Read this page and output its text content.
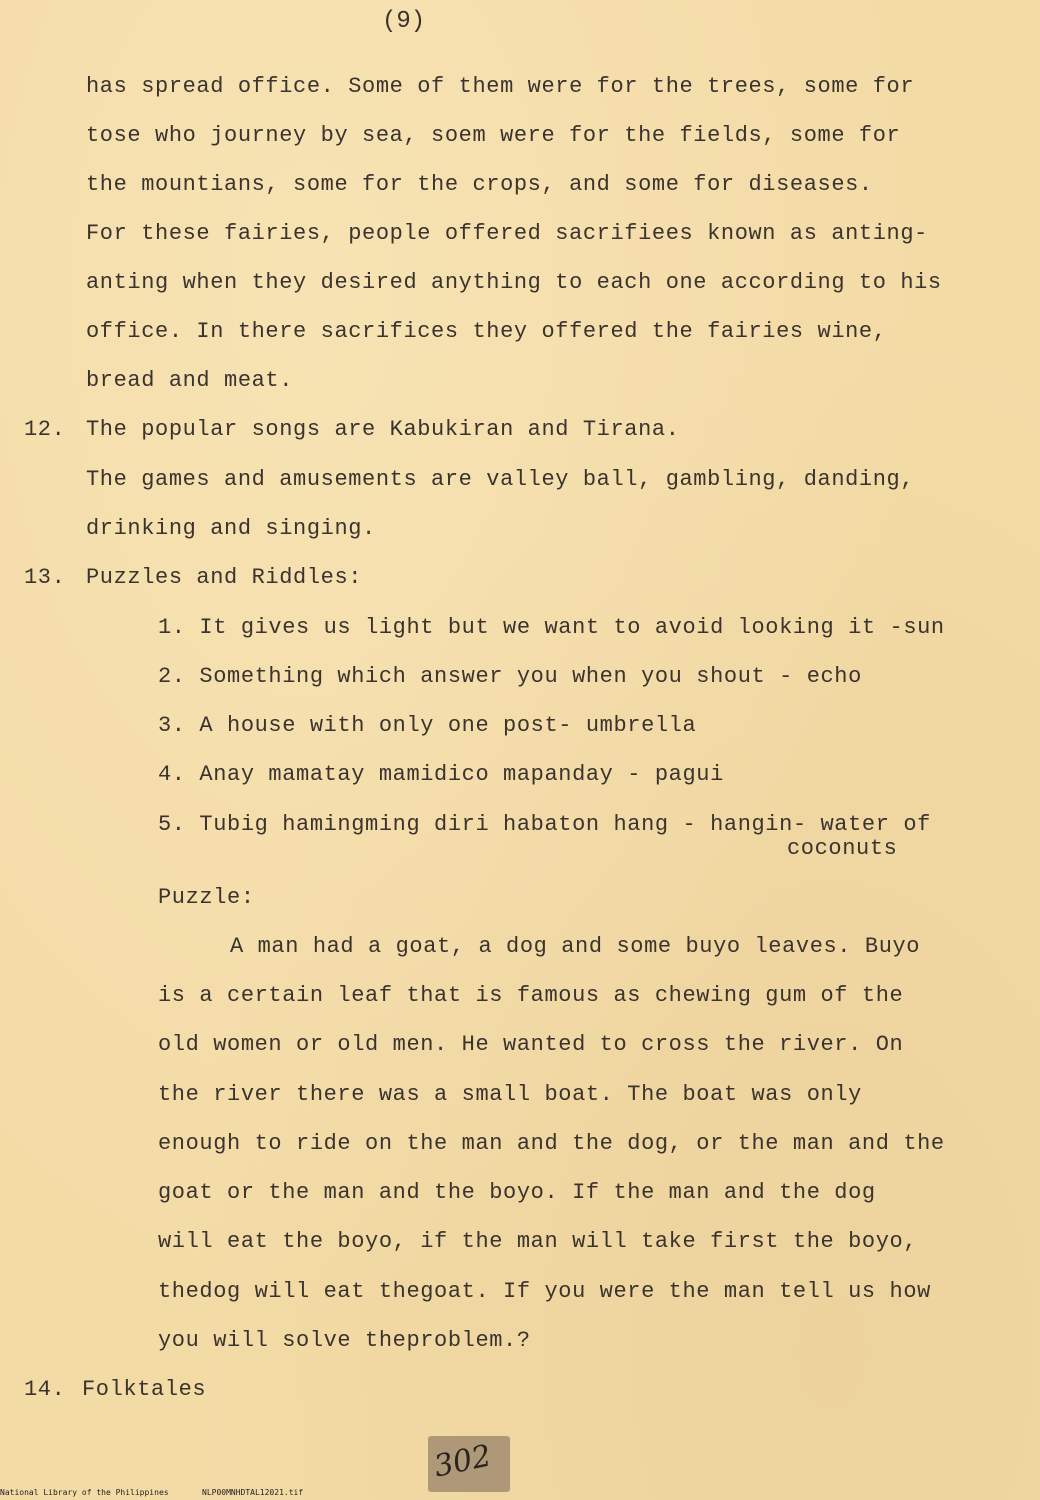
(9)
has spread office. Some of them were for the trees, some for
tose who journey by sea, soem were for the fields, some for
the mountians, some for the crops, and some for diseases.
For these fairies, people offered sacrifiees known as anting-
anting when they desired anything to each one according to his
office. In there sacrifices they offered the fairies wine,
bread and meat.
12. The popular songs are Kabukiran and Tirana.
The games and amusements are valley ball, gambling, danding,
drinking and singing.
13. Puzzles and Riddles:
1. It gives us light but we want to avoid looking it -sun
2. Something which answer you when you shout - echo
3. A house with only one post- umbrella
4. Anay mamatay mamidico mapanday - pagui
5. Tubig hamingming diri habaton hang - hangin- water of
coconuts
Puzzle:
A man had a goat, a dog and some buyo leaves. Buyo
is a certain leaf that is famous as chewing gum of the
old women or old men. He wanted to cross the river. On
the river there was a small boat. The boat was only
enough to ride on the man and the dog, or the man and the
goat or the man and the boyo. If the man and the dog
will eat the boyo, if the man will take first the boyo,
thedog will eat thegoat. If you were the man tell us how
you will solve theproblem.?
14. Folktales
302
National Library of the Philippines	NLP00MNHDTAL12021.tif
